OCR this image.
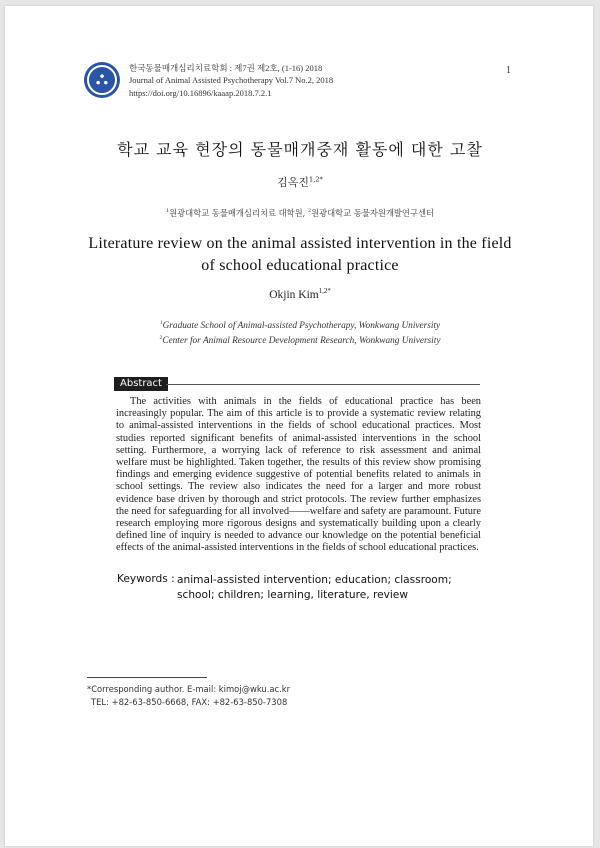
⛬
한국동물매개심리치료학회 : 제7권 제2호, (1-16) 2018
Journal of Animal Assisted Psychotherapy Vol.7 No.2, 2018
https://doi.org/10.16896/kaaap.2018.7.2.1
1
학교 교육 현장의 동물매개중재 활동에 대한 고찰
김옥진$^{1,2*}$
$^1$원광대학교 동물매개심리치료 대학원, $^2$원광대학교 동물자원개발연구센터
Literature review on the animal assisted intervention in the field
of school educational practice
Okjin Kim$^{1,2*}$
$^1$Graduate School of Animal-assisted Psychotherapy, Wonkwang University
$^2$Center for Animal Resource Development Research, Wonkwang University
Abstract

The activities with animals in the fields of educational practice has been increasingly popular. The aim of this article is to provide a systematic review relating to animal-assisted interventions in the fields of school educational practices. Most studies reported significant benefits of animal-assisted interventions in the school setting. Furthermore, a worrying lack of reference to risk assessment and animal welfare must be highlighted. Taken together, the results of this review show promising findings and emerging evidence suggestive of potential benefits related to animals in school settings. The review also indicates the need for a larger and more robust evidence base driven by thorough and strict protocols. The review further emphasizes the need for safeguarding for all involved——welfare and safety are paramount. Future research employing more rigorous designs and systematically building upon a clearly defined line of inquiry is needed to advance our knowledge on the potential beneficial effects of the animal-assisted interventions in the fields of school educational practices.

Keywords : animal-assisted intervention; education; classroom; school; children; learning, literature, review
*Corresponding author. E-mail: kimoj@wku.ac.kr
TEL: +82-63-850-6668, FAX: +82-63-850-7308
